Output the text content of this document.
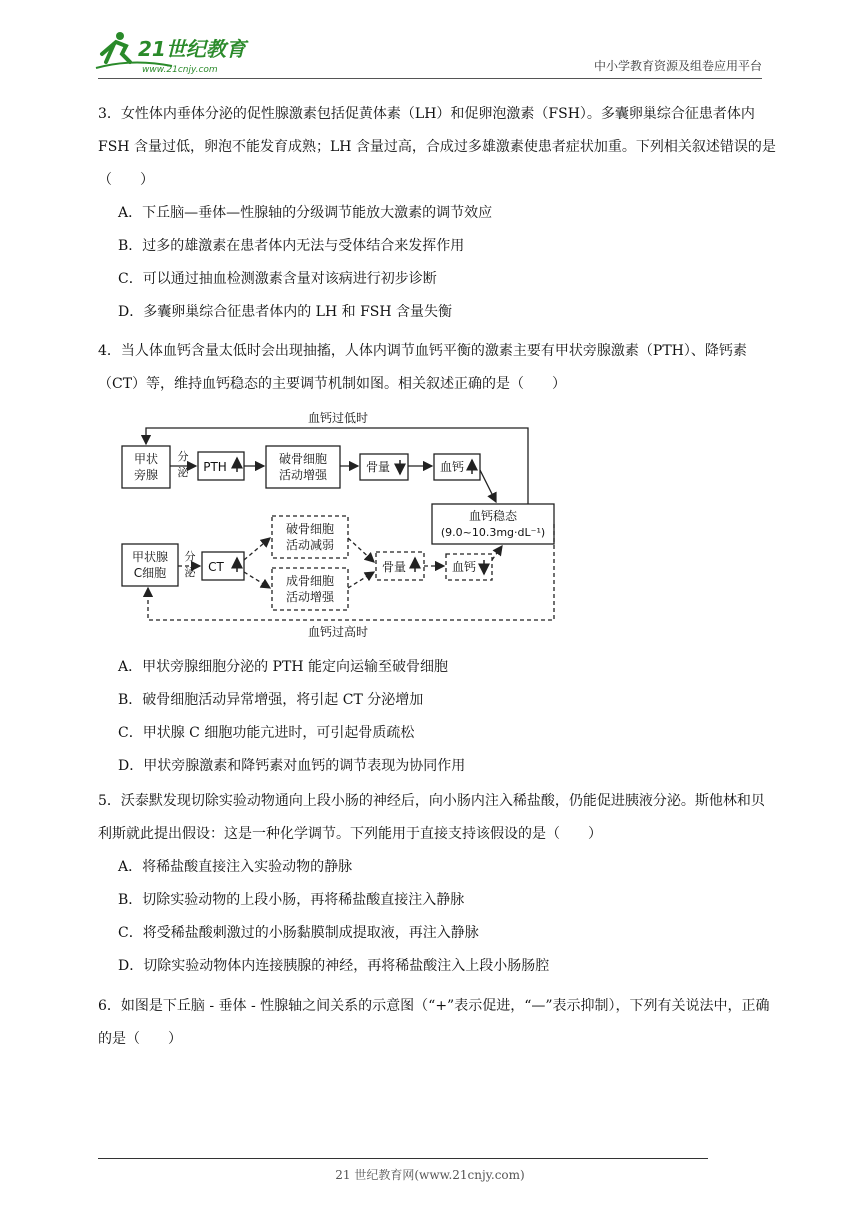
21世纪教育
www.21cnjy.com	中小学教育资源及组卷应用平台

3．女性体内垂体分泌的促性腺激素包括促黄体素（LH）和促卵泡激素（FSH）。多囊卵巢综合征患者体内 FSH 含量过低，卵泡不能发育成熟；LH 含量过高，合成过多雄激素使患者症状加重。下列相关叙述错误的是（　　）

A．下丘脑—垂体—性腺轴的分级调节能放大激素的调节效应

B．过多的雄激素在患者体内无法与受体结合来发挥作用

C．可以通过抽血检测激素含量对该病进行初步诊断

D．多囊卵巢综合征患者体内的 LH 和 FSH 含量失衡

4．当人体血钙含量太低时会出现抽搐，人体内调节血钙平衡的激素主要有甲状旁腺激素（PTH）、降钙素（CT）等，维持血钙稳态的主要调节机制如图。相关叙述正确的是（　　）

血钙过低时
血钙过高时
甲状
旁腺
分
泌 PTH
破骨细胞
活动增强
骨量	血钙
血钙稳态
(9.0~10.3mg·dL⁻¹)
甲状腺
C细胞
分
泌 CT
破骨细胞
活动减弱
成骨细胞
活动增强
骨量	血钙

A．甲状旁腺细胞分泌的 PTH 能定向运输至破骨细胞

B．破骨细胞活动异常增强，将引起 CT 分泌增加

C．甲状腺 C 细胞功能亢进时，可引起骨质疏松

D．甲状旁腺激素和降钙素对血钙的调节表现为协同作用

5．沃泰默发现切除实验动物通向上段小肠的神经后，向小肠内注入稀盐酸，仍能促进胰液分泌。斯他林和贝利斯就此提出假设：这是一种化学调节。下列能用于直接支持该假设的是（　　）

A．将稀盐酸直接注入实验动物的静脉

B．切除实验动物的上段小肠，再将稀盐酸直接注入静脉

C．将受稀盐酸刺激过的小肠黏膜制成提取液，再注入静脉

D．切除实验动物体内连接胰腺的神经，再将稀盐酸注入上段小肠肠腔

6．如图是下丘脑 - 垂体 - 性腺轴之间关系的示意图（“+”表示促进，“—”表示抑制），下列有关说法中，正确的是（　　）

21 世纪教育网(www.21cnjy.com)
